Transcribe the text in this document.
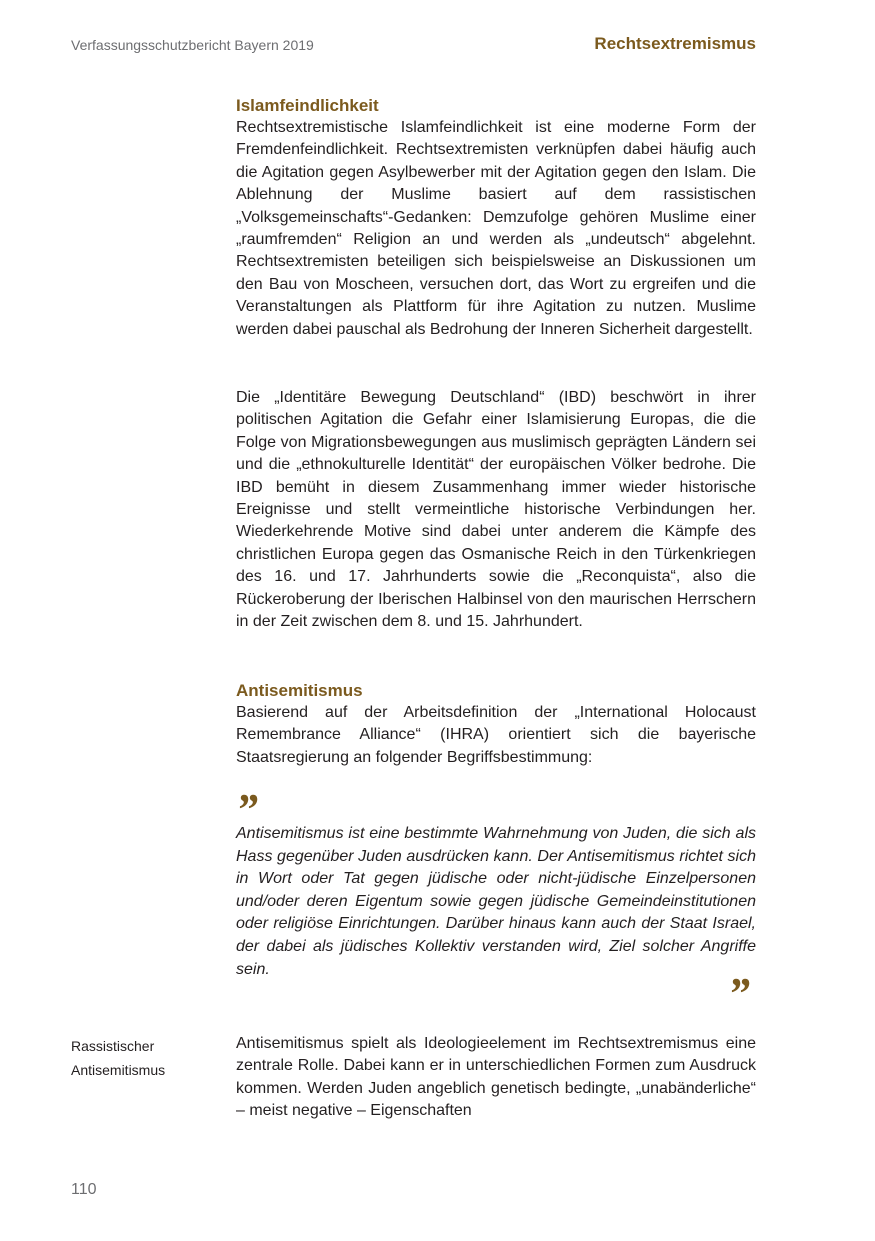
Verfassungsschutzbericht Bayern 2019	Rechtsextremismus
Islamfeindlichkeit

Rechtsextremistische Islamfeindlichkeit ist eine moderne Form der Fremdenfeindlichkeit. Rechtsextremisten verknüpfen dabei häufig auch die Agitation gegen Asylbewerber mit der Agitation gegen den Islam. Die Ablehnung der Muslime basiert auf dem rassistischen „Volksgemeinschafts“-Gedanken: Demzufolge gehören Muslime einer „raumfremden“ Religion an und werden als „undeutsch“ abgelehnt. Rechtsextremisten beteiligen sich beispielsweise an Diskussionen um den Bau von Moscheen, versuchen dort, das Wort zu ergreifen und die Veranstaltungen als Plattform für ihre Agitation zu nutzen. Muslime werden dabei pauschal als Bedrohung der Inneren Sicherheit dargestellt.

Die „Identitäre Bewegung Deutschland“ (IBD) beschwört in ihrer politischen Agitation die Gefahr einer Islamisierung Europas, die die Folge von Migrationsbewegungen aus muslimisch geprägten Ländern sei und die „ethnokulturelle Identität“ der europäischen Völker bedrohe. Die IBD bemüht in diesem Zusammenhang immer wieder historische Ereignisse und stellt vermeintliche historische Verbindungen her. Wiederkehrende Motive sind dabei unter anderem die Kämpfe des christlichen Europa gegen das Osmanische Reich in den Türkenkriegen des 16. und 17. Jahrhunderts sowie die „Reconquista“, also die Rückeroberung der Iberischen Halbinsel von den maurischen Herrschern in der Zeit zwischen dem 8. und 15. Jahrhundert.

Antisemitismus

Basierend auf der Arbeitsdefinition der „International Holocaust Remembrance Alliance“ (IHRA) orientiert sich die bayerische Staatsregierung an folgender Begriffsbestimmung:

”

Antisemitismus ist eine bestimmte Wahrnehmung von Juden, die sich als Hass gegenüber Juden ausdrücken kann. Der Antisemitismus richtet sich in Wort oder Tat gegen jüdische oder nicht-jüdische Einzelpersonen und/oder deren Eigentum sowie gegen jüdische Gemeindeinstitutionen oder religiöse Einrichtungen. Darüber hinaus kann auch der Staat Israel, der dabei als jüdisches Kollektiv verstanden wird, Ziel solcher Angriffe sein.	”
Rassistischer
Antisemitismus

Antisemitismus spielt als Ideologieelement im Rechtsextremismus eine zentrale Rolle. Dabei kann er in unterschiedlichen Formen zum Ausdruck kommen. Werden Juden angeblich genetisch bedingte, „unabänderliche“ – meist negative – Eigenschaften

110
